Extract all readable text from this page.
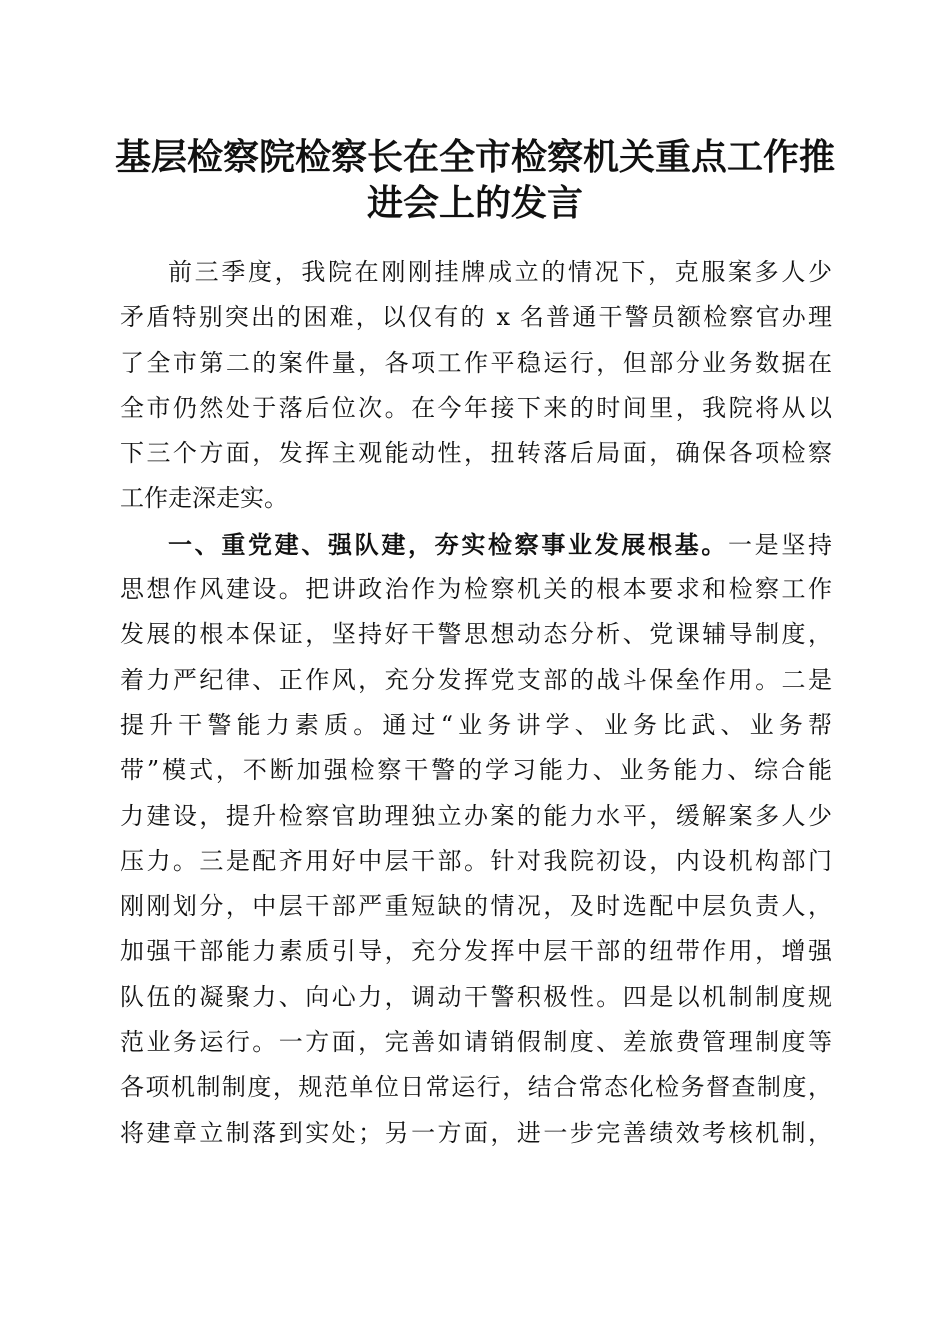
基层检察院检察长在全市检察机关重点工作推
进会上的发言
前三季度，我院在刚刚挂牌成立的情况下，克服案多人少
矛盾特别突出的困难，以仅有的 x 名普通干警员额检察官办理
了全市第二的案件量，各项工作平稳运行，但部分业务数据在
全市仍然处于落后位次。在今年接下来的时间里，我院将从以
下三个方面，发挥主观能动性，扭转落后局面，确保各项检察
工作走深走实。
一、重党建、强队建，夯实检察事业发展根基。一是坚持
思想作风建设。把讲政治作为检察机关的根本要求和检察工作
发展的根本保证，坚持好干警思想动态分析、党课辅导制度，
着力严纪律、正作风，充分发挥党支部的战斗保垒作用。二是
提升干警能力素质。通过“业务讲学、业务比武、业务帮
带”模式，不断加强检察干警的学习能力、业务能力、综合能
力建设，提升检察官助理独立办案的能力水平，缓解案多人少
压力。三是配齐用好中层干部。针对我院初设，内设机构部门
刚刚划分，中层干部严重短缺的情况，及时选配中层负责人，
加强干部能力素质引导，充分发挥中层干部的纽带作用，增强
队伍的凝聚力、向心力，调动干警积极性。四是以机制制度规
范业务运行。一方面，完善如请销假制度、差旅费管理制度等
各项机制制度，规范单位日常运行，结合常态化检务督查制度，
将建章立制落到实处；另一方面，进一步完善绩效考核机制，
